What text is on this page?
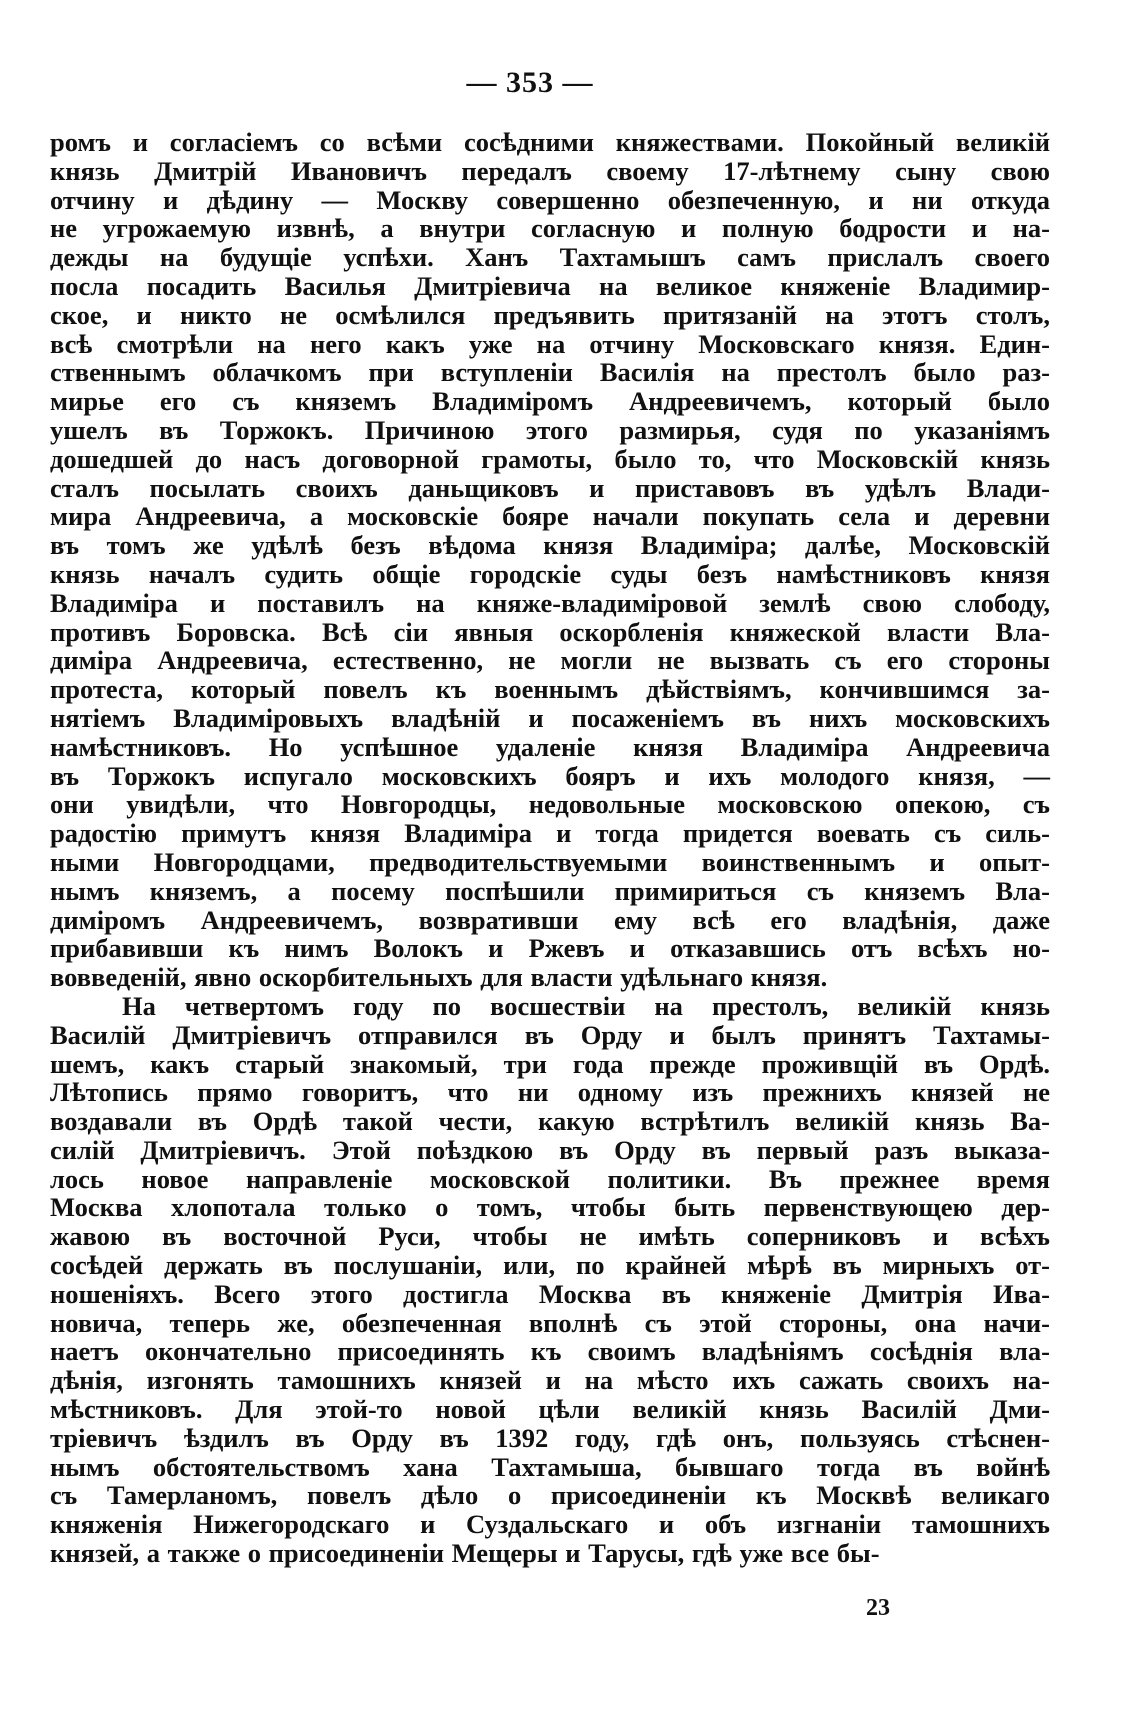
— 353 —

ромъ и согласіемъ со всѣми сосѣдними княжествами. Покойный великій
князь Дмитрій Ивановичъ передалъ своему 17-лѣтнему сыну свою
отчину и дѣдину — Москву совершенно обезпеченную, и ни откуда
не угрожаемую извнѣ, а внутри согласную и полную бодрости и на-
дежды на будущіе успѣхи. Ханъ Тахтамышъ самъ прислалъ своего
посла посадить Василья Дмитріевича на великое княженіе Владимир-
ское, и никто не осмѣлился предъявить притязаній на этотъ столъ,
всѣ смотрѣли на него какъ уже на отчину Московскаго князя. Един-
ственнымъ облачкомъ при вступленіи Василія на престолъ было раз-
мирье его съ княземъ Владиміромъ Андреевичемъ, который было
ушелъ въ Торжокъ. Причиною этого размирья, судя по указаніямъ
дошедшей до насъ договорной грамоты, было то, что Московскій князь
сталъ посылать своихъ даньщиковъ и приставовъ въ удѣлъ Влади-
мира Андреевича, а московскіе бояре начали покупать села и деревни
въ томъ же удѣлѣ безъ вѣдома князя Владиміра; далѣе, Московскій
князь началъ судить общіе городскіе суды безъ намѣстниковъ князя
Владиміра и поставилъ на княже-владиміровой землѣ свою слободу,
противъ Боровска. Всѣ сіи явныя оскорбленія княжеской власти Вла-
диміра Андреевича, естественно, не могли не вызвать съ его стороны
протеста, который повелъ къ военнымъ дѣйствіямъ, кончившимся за-
нятіемъ Владиміровыхъ владѣній и посаженіемъ въ нихъ московскихъ
намѣстниковъ. Но успѣшное удаленіе князя Владиміра Андреевича
въ Торжокъ испугало московскихъ бояръ и ихъ молодого князя, —
они увидѣли, что Новгородцы, недовольные московскою опекою, съ
радостію примутъ князя Владиміра и тогда придется воевать съ силь-
ными Новгородцами, предводительствуемыми воинственнымъ и опыт-
нымъ княземъ, а посему поспѣшили примириться съ княземъ Вла-
диміромъ Андреевичемъ, возвративши ему всѣ его владѣнія, даже
прибавивши къ нимъ Волокъ и Ржевъ и отказавшись отъ всѣхъ но-
вовведеній, явно оскорбительныхъ для власти удѣльнаго князя.

На четвертомъ году по восшествіи на престолъ, великій князь
Василій Дмитріевичъ отправился въ Орду и былъ принятъ Тахтамы-
шемъ, какъ старый знакомый, три года прежде проживщій въ Ордѣ.
Лѣтопись прямо говоритъ, что ни одному изъ прежнихъ князей не
воздавали въ Ордѣ такой чести, какую встрѣтилъ великій князь Ва-
силій Дмитріевичъ. Этой поѣздкою въ Орду въ первый разъ выказа-
лось новое направленіе московской политики. Въ прежнее время
Москва хлопотала только о томъ, чтобы быть первенствующею дер-
жавою въ восточной Руси, чтобы не имѣть соперниковъ и всѣхъ
сосѣдей держать въ послушаніи, или, по крайней мѣрѣ въ мирныхъ от-
ношеніяхъ. Всего этого достигла Москва въ княженіе Дмитрія Ива-
новича, теперь же, обезпеченная вполнѣ съ этой стороны, она начи-
наетъ окончательно присоединять къ своимъ владѣніямъ сосѣднія вла-
дѣнія, изгонять тамошнихъ князей и на мѣсто ихъ сажать своихъ на-
мѣстниковъ. Для этой-то новой цѣли великій князь Василій Дми-
тріевичъ ѣздилъ въ Орду въ 1392 году, гдѣ онъ, пользуясь стѣснен-
нымъ обстоятельствомъ хана Тахтамыша, бывшаго тогда въ войнѣ
съ Тамерланомъ, повелъ дѣло о присоединеніи къ Москвѣ великаго
княженія Нижегородскаго и Суздальскаго и объ изгнаніи тамошнихъ
князей, а также о присоединеніи Мещеры и Тарусы, гдѣ уже все бы-

23
